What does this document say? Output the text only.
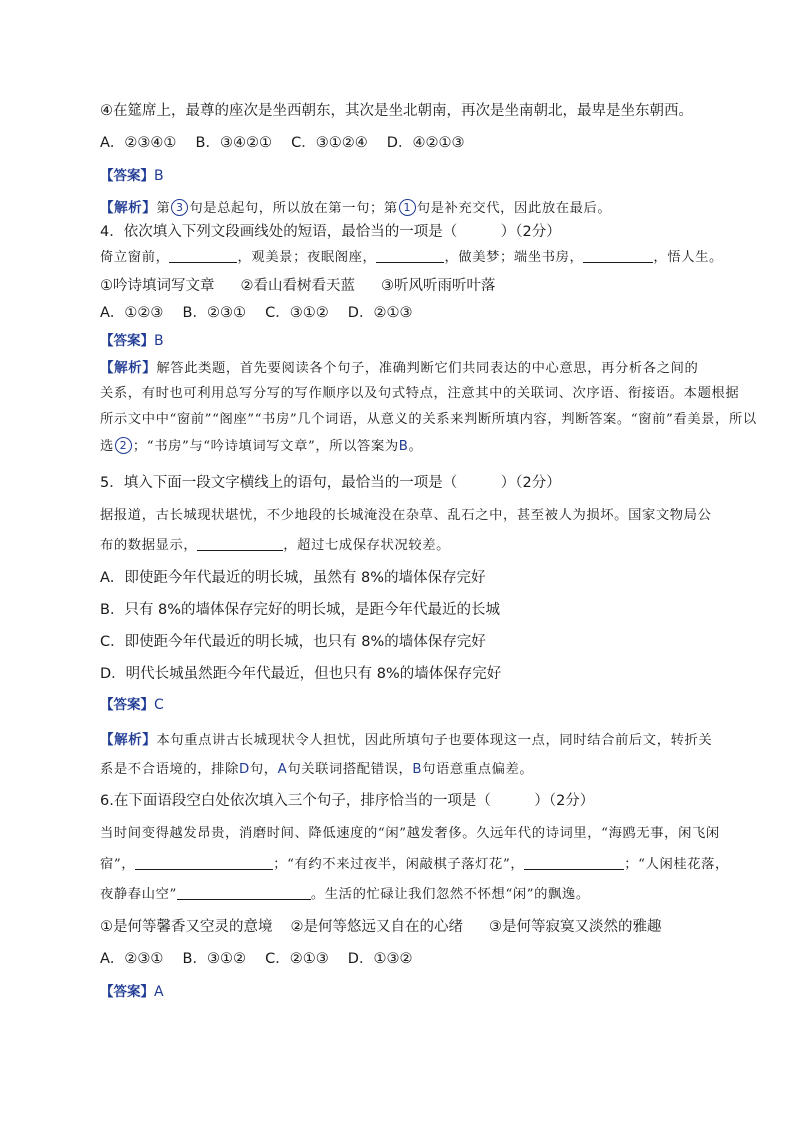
④在筵席上，最尊的座次是坐西朝东，其次是坐北朝南，再次是坐南朝北，最卑是坐东朝西。
A．②③④①　 B．③④②①　 C．③①②④　 D．④②①③
【答案】B
【解析】第 3 句是总起句，所以放在第一句；第 1 句是补充交代，因此放在最后。
4．依次填入下列文段画线处的短语，最恰当的一项是（　　　）（2分）
倚立窗前，	，观美景；夜眠阁座，	，做美梦；端坐书房，	，悟人生。
①吟诗填词写文章 ②看山看树看天蓝 ③听风听雨听叶落
A．①②③　 B．②③①　 C．③①②　 D．②①③
【答案】B
【解析】解答此类题，首先要阅读各个句子，准确判断它们共同表达的中心意思，再分析各之间的
关系，有时也可利用总写分写的写作顺序以及句式特点，注意其中的关联词、次序语、衔接语。本题根据
所示文中中“窗前”“阁座”“书房”几个词语，从意义的关系来判断所填内容，判断答案。“窗前”看美景，所以
选 2 ；“书房”与“吟诗填词写文章”，所以答案为B。
5．填入下面一段文字横线上的语句，最恰当的一项是（　　　）（2分）
据报道，古长城现状堪忧，不少地段的长城淹没在杂草、乱石之中，甚至被人为损坏。国家文物局公
布的数据显示，	，超过七成保存状况较差。
A．即使距今年代最近的明长城，虽然有 8%的墙体保存完好
B．只有 8%的墙体保存完好的明长城，是距今年代最近的长城
C．即使距今年代最近的明长城，也只有 8%的墙体保存完好
D．明代长城虽然距今年代最近，但也只有 8%的墙体保存完好
【答案】C
【解析】本句重点讲古长城现状令人担忧，因此所填句子也要体现这一点，同时结合前后文，转折关
系是不合语境的，排除D句，A句关联词搭配错误，B句语意重点偏差。
6.在下面语段空白处依次填入三个句子，排序恰当的一项是（　　　）（2分）
当时间变得越发昂贵，消磨时间、降低速度的“闲”越发奢侈。久远年代的诗词里，“海鸥无事，闲飞闲
宿”，	；“有约不来过夜半，闲敲棋子落灯花”，	；“人闲桂花落，
夜静春山空”	。生活的忙碌让我们忽然不怀想“闲”的飘逸。
①是何等馨香又空灵的意境 ②是何等悠远又自在的心绪 ③是何等寂寞又淡然的雅趣
A．②③①　 B．③①②　 C．②①③　 D．①③②
【答案】A
